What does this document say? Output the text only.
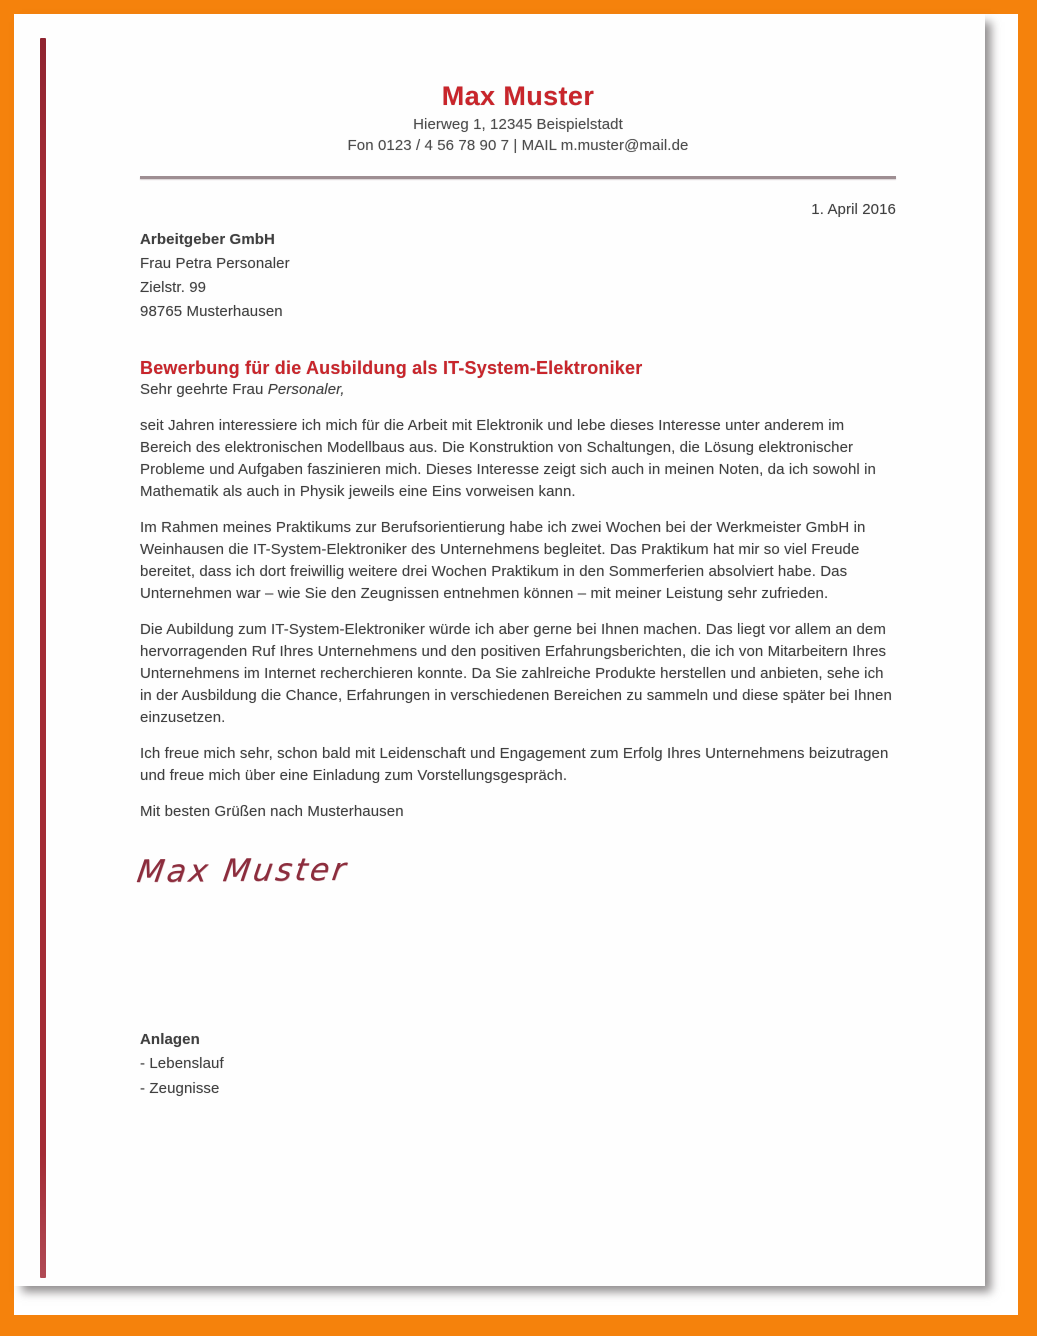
Max Muster
Hierweg 1, 12345 Beispielstadt
Fon 0123 / 4 56 78 90 7 | MAIL m.muster@mail.de
1. April 2016
Arbeitgeber GmbH
Frau Petra Personaler
Zielstr. 99
98765 Musterhausen
Bewerbung für die Ausbildung als IT-System-Elektroniker

Sehr geehrte Frau Personaler,

seit Jahren interessiere ich mich für die Arbeit mit Elektronik und lebe dieses Interesse unter anderem im Bereich des elektronischen Modellbaus aus. Die Konstruktion von Schaltungen, die Lösung elektronischer Probleme und Aufgaben faszinieren mich. Dieses Interesse zeigt sich auch in meinen Noten, da ich sowohl in Mathematik als auch in Physik jeweils eine Eins vorweisen kann.

Im Rahmen meines Praktikums zur Berufsorientierung habe ich zwei Wochen bei der Werkmeister GmbH in Weinhausen die IT-System-Elektroniker des Unternehmens begleitet. Das Praktikum hat mir so viel Freude bereitet, dass ich dort freiwillig weitere drei Wochen Praktikum in den Sommerferien absolviert habe. Das Unternehmen war – wie Sie den Zeugnissen entnehmen können – mit meiner Leistung sehr zufrieden.

Die Aubildung zum IT-System-Elektroniker würde ich aber gerne bei Ihnen machen. Das liegt vor allem an dem hervorragenden Ruf Ihres Unternehmens und den positiven Erfahrungsberichten, die ich von Mitarbeitern Ihres Unternehmens im Internet recherchieren konnte. Da Sie zahlreiche Produkte herstellen und anbieten, sehe ich in der Ausbildung die Chance, Erfahrungen in verschiedenen Bereichen zu sammeln und diese später bei Ihnen einzusetzen.

Ich freue mich sehr, schon bald mit Leidenschaft und Engagement zum Erfolg Ihres Unternehmens beizutragen und freue mich über eine Einladung zum Vorstellungsgespräch.

Mit besten Grüßen nach Musterhausen

Max Muster
Anlagen
- Lebenslauf
- Zeugnisse
